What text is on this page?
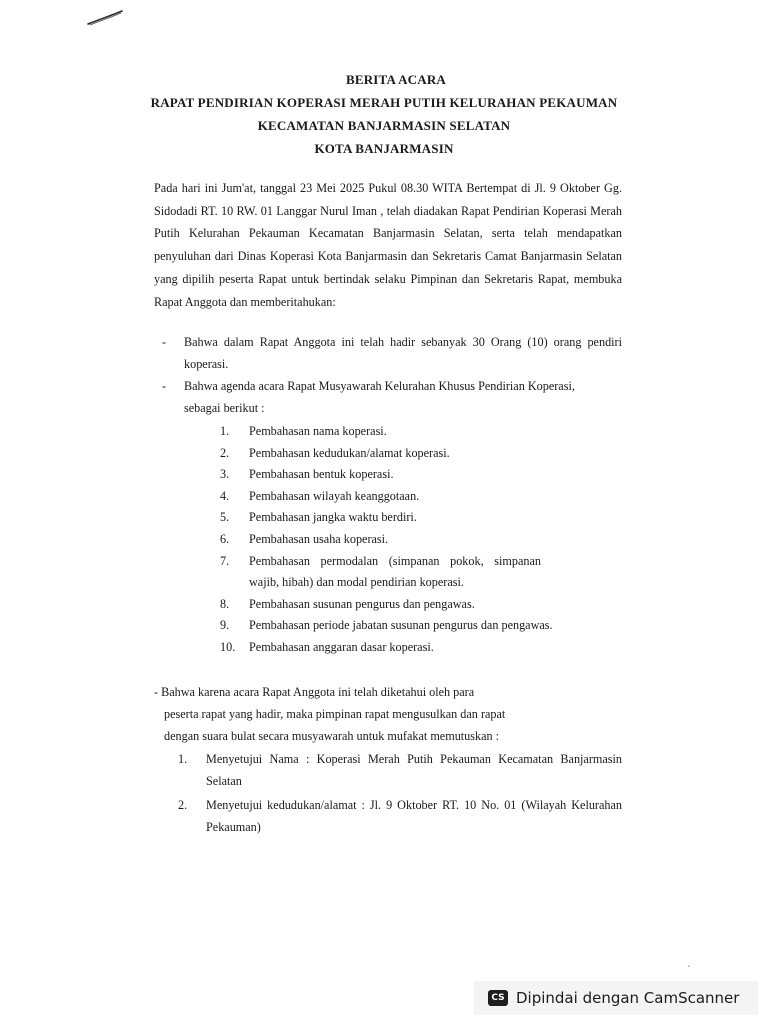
BERITA ACARA
RAPAT PENDIRIAN KOPERASI MERAH PUTIH KELURAHAN PEKAUMAN
KECAMATAN BANJARMASIN SELATAN
KOTA BANJARMASIN
Pada hari ini Jum'at, tanggal 23 Mei 2025 Pukul 08.30 WITA Bertempat di Jl. 9 Oktober Gg. Sidodadi RT. 10 RW. 01 Langgar Nurul Iman , telah diadakan Rapat Pendirian Koperasi Merah Putih Kelurahan Pekauman Kecamatan Banjarmasin Selatan, serta telah mendapatkan penyuluhan dari Dinas Koperasi Kota Banjarmasin dan Sekretaris Camat Banjarmasin Selatan yang dipilih peserta Rapat untuk bertindak selaku Pimpinan dan Sekretaris Rapat, membuka Rapat Anggota dan memberitahukan:
- Bahwa dalam Rapat Anggota ini telah hadir sebanyak 30 Orang (10) orang pendiri koperasi.
- Bahwa agenda acara Rapat Musyawarah Kelurahan Khusus Pendirian Koperasi, sebagai berikut :
1.	Pembahasan nama koperasi.
2.	Pembahasan kedudukan/alamat koperasi.
3.	Pembahasan bentuk koperasi.
4.	Pembahasan wilayah keanggotaan.
5.	Pembahasan jangka waktu berdiri.
6.	Pembahasan usaha koperasi.
7.	Pembahasan permodalan (simpanan pokok, simpanan wajib, hibah) dan modal pendirian koperasi.
8.	Pembahasan susunan pengurus dan pengawas.
9.	Pembahasan periode jabatan susunan pengurus dan pengawas.
10.	Pembahasan anggaran dasar koperasi.
- Bahwa karena acara Rapat Anggota ini telah diketahui oleh para
peserta rapat yang hadir, maka pimpinan rapat mengusulkan dan rapat
dengan suara bulat secara musyawarah untuk mufakat memutuskan :
1. Menyetujui Nama : Koperasi Merah Putih Pekauman Kecamatan Banjarmasin Selatan
2. Menyetujui kedudukan/alamat : Jl. 9 Oktober RT. 10 No. 01 (Wilayah Kelurahan Pekauman)
CS Dipindai dengan CamScanner
